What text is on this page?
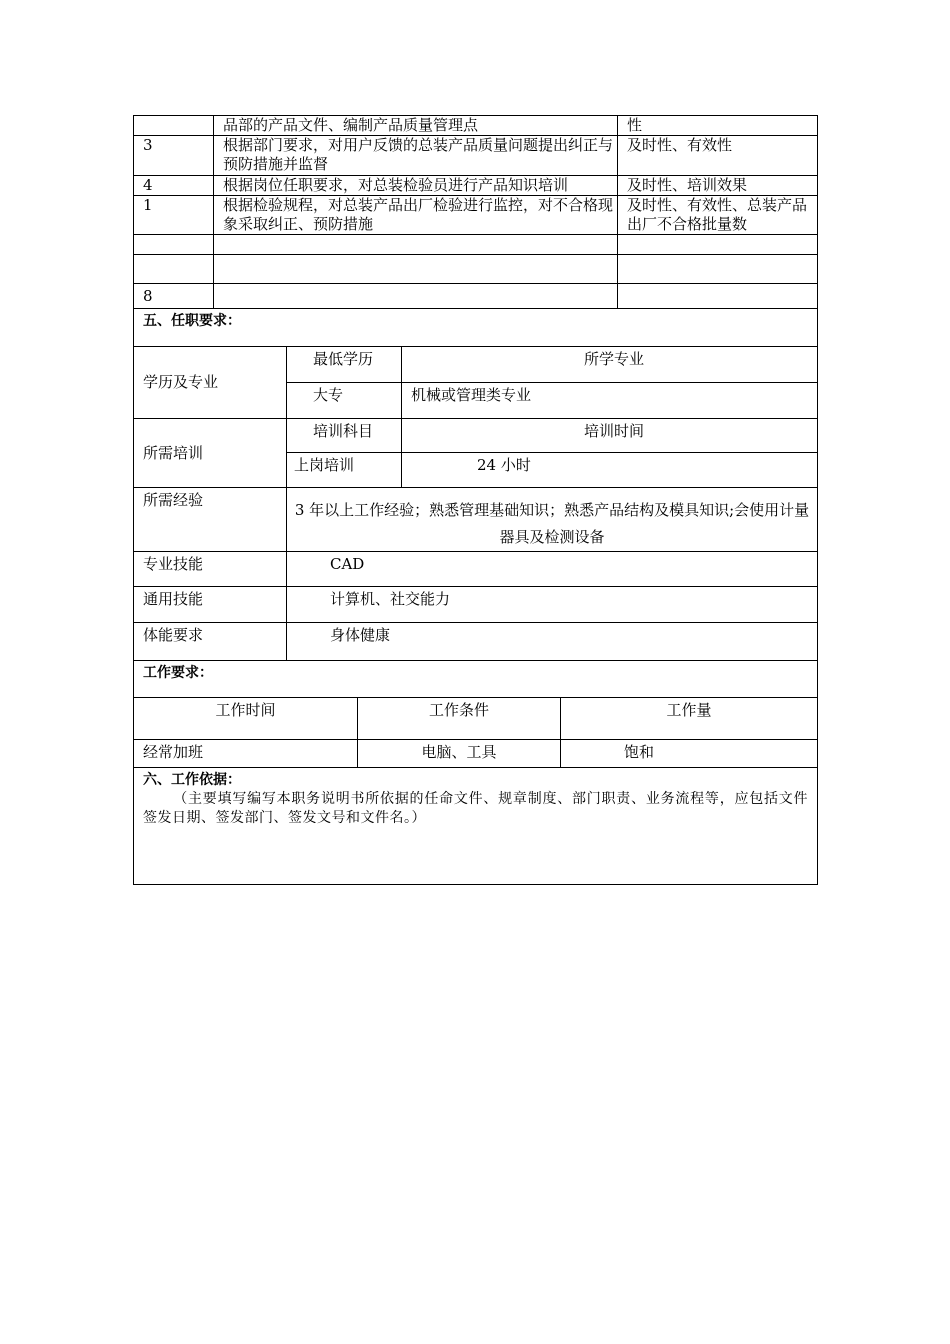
	品部的产品文件、编制产品质量管理点	性
3	根据部门要求，对用户反馈的总装产品质量问题提出纠正与预防措施并监督	及时性、有效性
4	根据岗位任职要求，对总装检验员进行产品知识培训	及时性、培训效果
1	根据检验规程，对总装产品出厂检验进行监控，对不合格现象采取纠正、预防措施	及时性、有效性、总装产品出厂不合格批量数

8		
五、任职要求：		
学历及专业	最低学历	所学专业
	大专	机械或管理类专业
所需培训	培训科目	培训时间
	上岗培训	24 小时
所需经验	3 年以上工作经验；熟悉管理基础知识；熟悉产品结构及模具知识;会使用计量器具及检测设备	
专业技能	CAD	
通用技能	计算机、社交能力	
体能要求	身体健康	
工作要求：		
工作时间	工作条件	工作量
经常加班	电脑、工具	饱和

六、工作依据：
（主要填写编写本职务说明书所依据的任命文件、规章制度、部门职责、业务流程等，应包括文件签发日期、签发部门、签发文号和文件名。）		
